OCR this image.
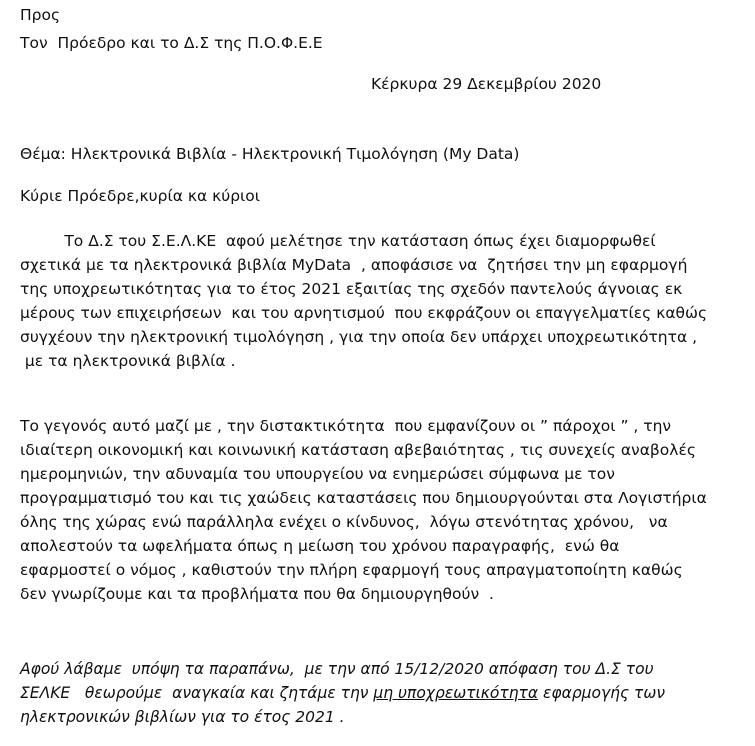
Προς
Τον  Πρόεδρο και το Δ.Σ της Π.Ο.Φ.Ε.Ε
Κέρκυρα 29 Δεκεμβρίου 2020
Θέμα: Ηλεκτρονικά Βιβλία - Ηλεκτρονική Τιμολόγηση (My Data)
Κύριε Πρόεδρε,κυρία κα κύριοι
Το Δ.Σ του Σ.Ε.Λ.ΚΕ  αφού μελέτησε την κατάσταση όπως έχει διαμορφωθεί
σχετικά με τα ηλεκτρονικά βιβλία MyData  , αποφάσισε να  ζητήσει την μη εφαρμογή
της υποχρεωτικότητας για το έτος 2021 εξαιτίας της σχεδόν παντελούς άγνοιας εκ
μέρους των επιχειρήσεων  και του αρνητισμού  που εκφράζουν οι επαγγελματίες καθώς
συγχέουν την ηλεκτρονική τιμολόγηση , για την οποία δεν υπάρχει υποχρεωτικότητα ,
με τα ηλεκτρονικά βιβλία .
Το γεγονός αυτό μαζί με , την διστακτικότητα  που εμφανίζουν οι ” πάροχοι ” , την
ιδιαίτερη οικονομική και κοινωνική κατάσταση αβεβαιότητας , τις συνεχείς αναβολές
ημερομηνιών, την αδυναμία του υπουργείου να ενημερώσει σύμφωνα με τον
προγραμματισμό του και τις χαώδεις καταστάσεις που δημιουργούνται στα Λογιστήρια
όλης της χώρας ενώ παράλληλα ενέχει ο κίνδυνος,  λόγω στενότητας χρόνου,   να
απολεστούν τα ωφελήματα όπως η μείωση του χρόνου παραγραφής,  ενώ θα
εφαρμοστεί ο νόμος , καθιστούν την πλήρη εφαρμογή τους απραγματοποίητη καθώς
δεν γνωρίζουμε και τα προβλήματα που θα δημιουργηθούν  .
Αφού λάβαμε  υπόψη τα παραπάνω,  με την από 15/12/2020 απόφαση του Δ.Σ του
ΣΕΛΚΕ   θεωρούμε  αναγκαία και ζητάμε την μη υποχρεωτικότητα εφαρμογής των
ηλεκτρονικών βιβλίων για το έτος 2021 .
